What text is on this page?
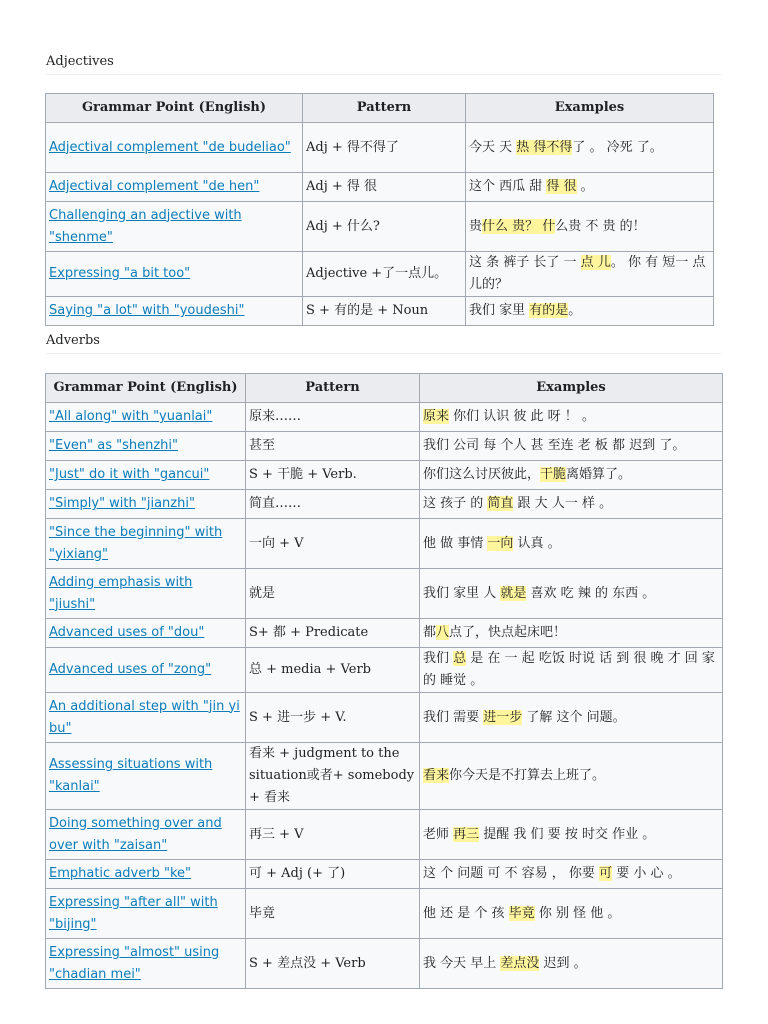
Adjectives
Grammar Point (English)	Pattern	Examples
Adjectival complement "de budeliao"	Adj + 得不得了	今天 天 热 得不得了 。 冷死 了。
Adjectival complement "de hen"	Adj + 得 很	这个 西瓜 甜 得 很 。
Challenging an adjective with "shenme"	Adj + 什么?	贵什么 贵？ 什么贵 不 贵 的！
Expressing "a bit too"	Adjective +了一点儿。	这 条 裤子 长了 一 点 儿。 你 有 短一 点儿的？
Saying "a lot" with "youdeshi"	S + 有的是 + Noun	我们 家里 有的是。
Adverbs
Grammar Point (English)	Pattern	Examples
"All along" with "yuanlai"	原来……	原来 你们 认识 彼 此 呀 ！ 。
"Even" as "shenzhi"	甚至	我们 公司 每 个人 甚 至连 老 板 都 迟到 了。
"Just" do it with "gancui"	S + 干脆 + Verb.	你们这么讨厌彼此，干脆离婚算了。
"Simply" with "jianzhi"	简直……	这 孩子 的 简直 跟 大 人一 样 。
"Since the beginning" with "yixiang"	一向 + V	他 做 事情 一向 认真 。
Adding emphasis with "jiushi"	就是	我们 家里 人 就是 喜欢 吃 辣 的 东西 。
Advanced uses of "dou"	S+ 都 + Predicate	都八点了，快点起床吧！
Advanced uses of "zong"	总 + media + Verb	我们 总 是 在 一 起 吃饭 时说 话 到 很 晚 才 回 家 的 睡觉 。
An additional step with "jin yi bu"	S + 进一步 + V.	我们 需要 进一步 了解 这个 问题。
Assessing situations with "kanlai"	看来 + judgment to the situation或者+ somebody + 看来	看来你今天是不打算去上班了。
Doing something over and over with "zaisan"	再三 + V	老师 再三 提醒 我 们 要 按 时交 作业 。
Emphatic adverb "ke"	可 + Adj (+ 了)	这 个 问题 可 不 容易 ， 你要 可 要 小 心 。
Expressing "after all" with "bijing"	毕竟	他 还 是 个 孩 毕竟 你 别 怪 他 。
Expressing "almost" using "chadian mei"	S + 差点没 + Verb	我 今天 早上 差点没 迟到 。
